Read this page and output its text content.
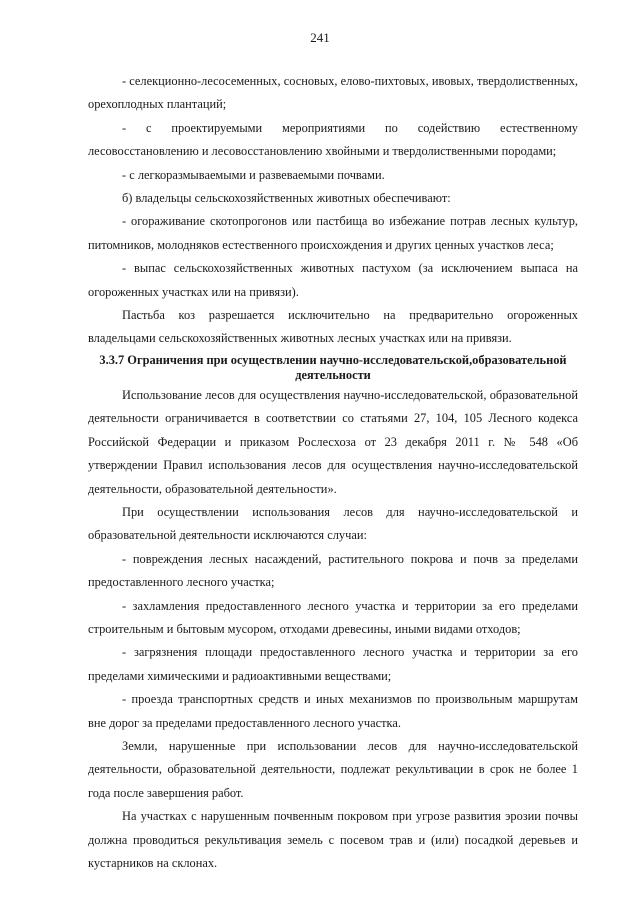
241

- селекционно-лесосеменных, сосновых, елово-пихтовых, ивовых, твердолиственных, орехоплодных плантаций;

- с проектируемыми мероприятиями по содействию естественному лесовосстановлению и лесовосстановлению хвойными и твердолиственными породами;

- с легкоразмываемыми и развеваемыми почвами.

б) владельцы сельскохозяйственных животных обеспечивают:

- огораживание скотопрогонов или пастбища во избежание потрав лесных культур, питомников, молодняков естественного происхождения и других ценных участков леса;

- выпас сельскохозяйственных животных пастухом (за исключением выпаса на огороженных участках или на привязи).

Пастьба коз разрешается исключительно на предварительно огороженных владельцами сельскохозяйственных животных лесных участках или на привязи.

3.3.7 Ограничения при осуществлении научно-исследовательской,образовательной деятельности

Использование лесов для осуществления научно-исследовательской, образовательной деятельности ограничивается в соответствии со статьями 27, 104, 105 Лесного кодекса Российской Федерации и приказом Рослесхоза от 23 декабря 2011 г. № 548 «Об утверждении Правил использования лесов для осуществления научно-исследовательской деятельности, образовательной деятельности».

При осуществлении использования лесов для научно-исследовательской и образовательной деятельности исключаются случаи:

- повреждения лесных насаждений, растительного покрова и почв за пределами предоставленного лесного участка;

- захламления предоставленного лесного участка и территории за его пределами строительным и бытовым мусором, отходами древесины, иными видами отходов;

- загрязнения площади предоставленного лесного участка и территории за его пределами химическими и радиоактивными веществами;

- проезда транспортных средств и иных механизмов по произвольным маршрутам вне дорог за пределами предоставленного лесного участка.

Земли, нарушенные при использовании лесов для научно-исследовательской деятельности, образовательной деятельности, подлежат рекультивации в срок не более 1 года после завершения работ.

На участках с нарушенным почвенным покровом при угрозе развития эрозии почвы должна проводиться рекультивация земель с посевом трав и (или) посадкой деревьев и кустарников на склонах.
